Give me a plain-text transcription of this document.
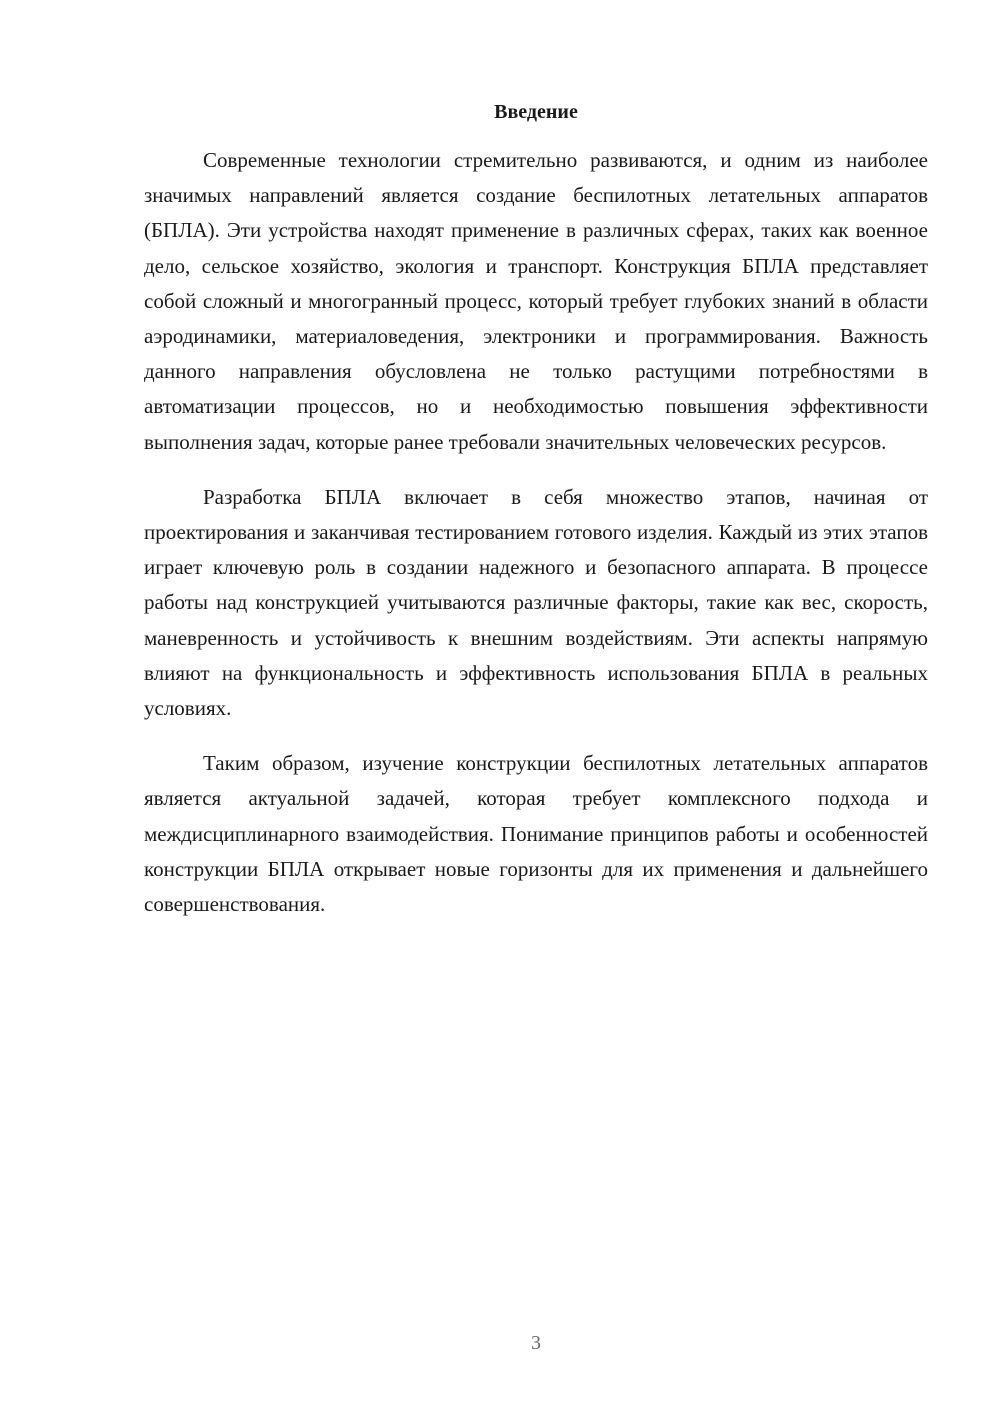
Введение

Современные технологии стремительно развиваются, и одним из наиболее значимых направлений является создание беспилотных летательных аппаратов (БПЛА). Эти устройства находят применение в различных сферах, таких как военное дело, сельское хозяйство, экология и транспорт. Конструкция БПЛА представляет собой сложный и многогранный процесс, который требует глубоких знаний в области аэродинамики, материаловедения, электроники и программирования. Важность данного направления обусловлена не только растущими потребностями в автоматизации процессов, но и необходимостью повышения эффективности выполнения задач, которые ранее требовали значительных человеческих ресурсов.

Разработка БПЛА включает в себя множество этапов, начиная от проектирования и заканчивая тестированием готового изделия. Каждый из этих этапов играет ключевую роль в создании надежного и безопасного аппарата. В процессе работы над конструкцией учитываются различные факторы, такие как вес, скорость, маневренность и устойчивость к внешним воздействиям. Эти аспекты напрямую влияют на функциональность и эффективность использования БПЛА в реальных условиях.

Таким образом, изучение конструкции беспилотных летательных аппаратов является актуальной задачей, которая требует комплексного подхода и междисциплинарного взаимодействия. Понимание принципов работы и особенностей конструкции БПЛА открывает новые горизонты для их применения и дальнейшего совершенствования.

3
